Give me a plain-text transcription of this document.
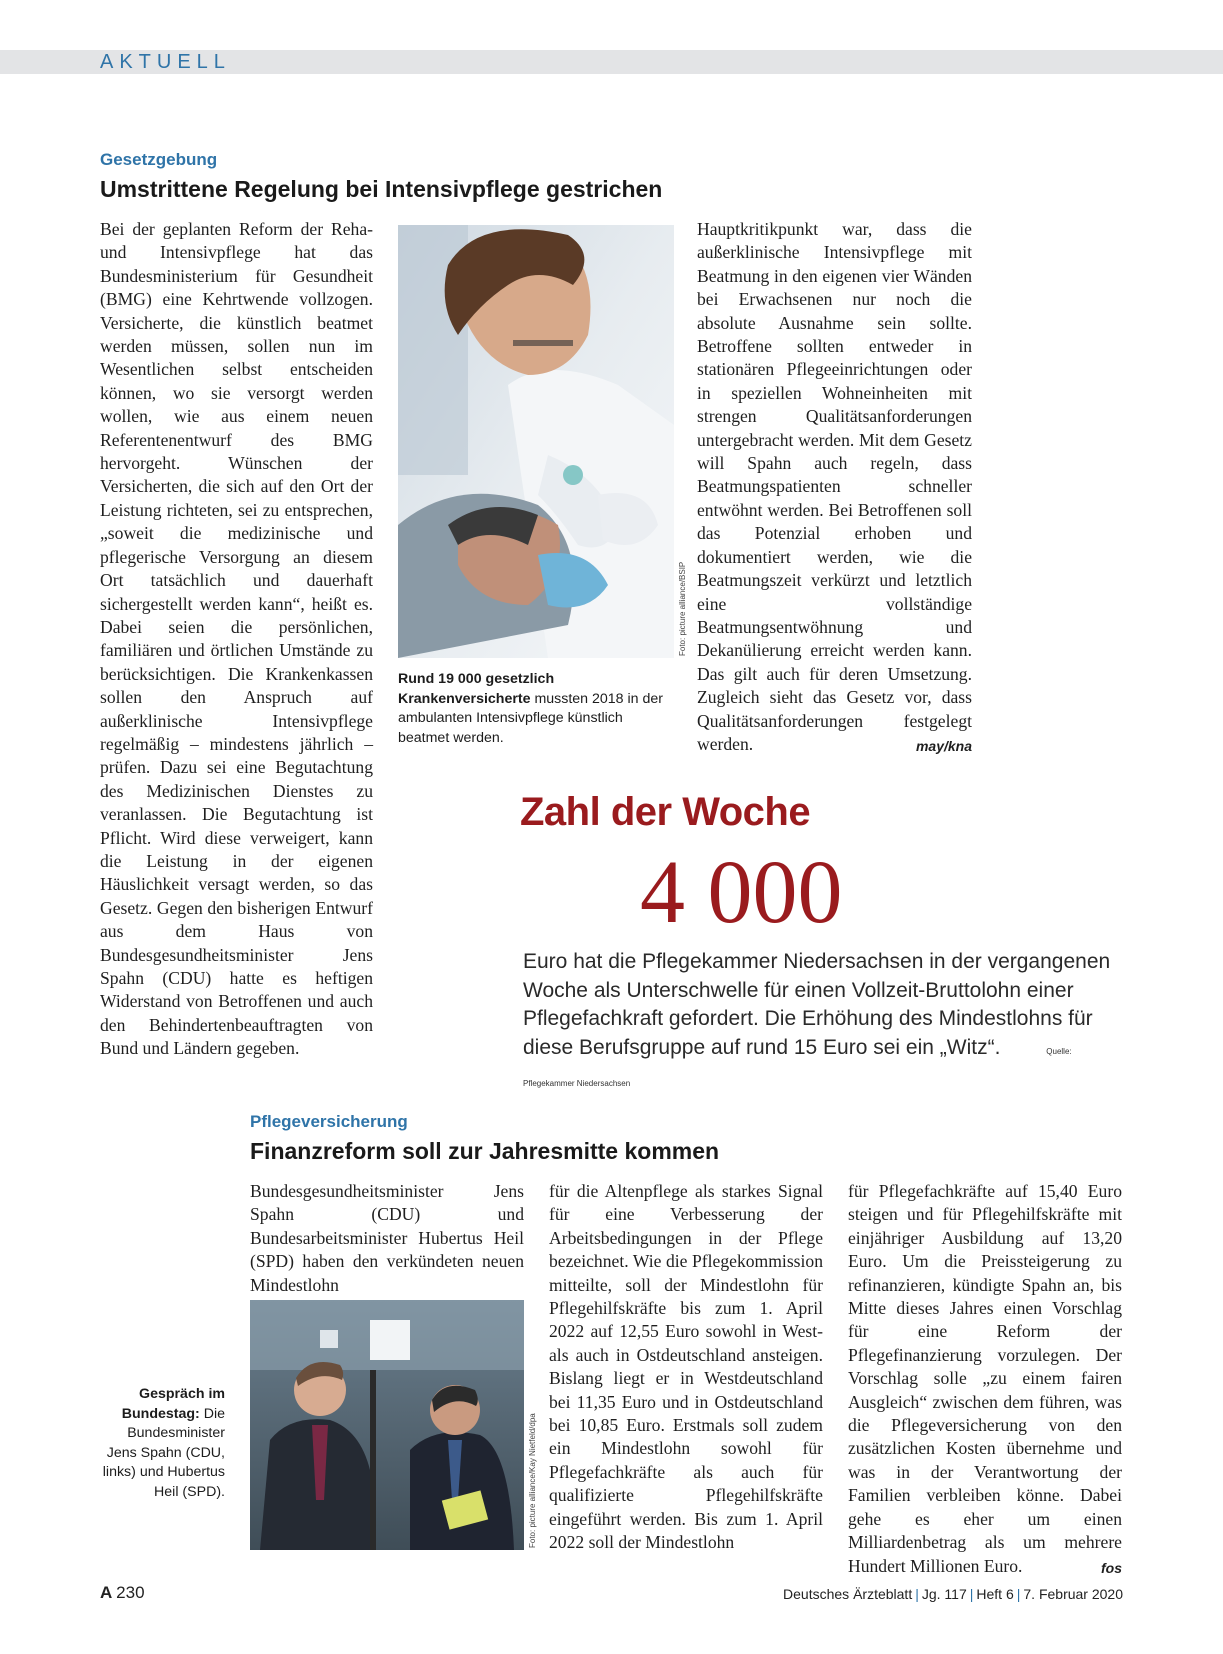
AKTUELL
Gesetzgebung
Umstrittene Regelung bei Intensivpflege gestrichen
Bei der geplanten Reform der Reha- und Intensivpflege hat das Bundesministerium für Gesundheit (BMG) eine Kehrtwende vollzogen. Versicherte, die künstlich beatmet werden müssen, sollen nun im Wesentlichen selbst entscheiden können, wo sie versorgt werden wollen, wie aus einem neuen Referentenentwurf des BMG hervorgeht. Wünschen der Versicherten, die sich auf den Ort der Leistung richteten, sei zu entsprechen, „soweit die medizinische und pflegerische Versorgung an diesem Ort tatsächlich und dauerhaft sichergestellt werden kann“, heißt es. Dabei seien die persönlichen, familiären und örtlichen Umstände zu berücksichtigen. Die Krankenkassen sollen den Anspruch auf außerklinische Intensivpflege regelmäßig – mindestens jährlich – prüfen. Dazu sei eine Begutachtung des Medizinischen Dienstes zu veranlassen. Die Begutachtung ist Pflicht. Wird diese verweigert, kann die Leistung in der eigenen Häuslichkeit versagt werden, so das Gesetz. Gegen den bisherigen Entwurf aus dem Haus von Bundesgesundheitsminister Jens Spahn (CDU) hatte es heftigen Widerstand von Betroffenen und auch den Behindertenbeauftragten von Bund und Ländern gegeben.
Foto: picture alliance/BSIP
Rund 19 000 gesetzlich Krankenversicherte mussten 2018 in der ambulanten Intensivpflege künstlich beatmet werden.
Hauptkritikpunkt war, dass die außerklinische Intensivpflege mit Beatmung in den eigenen vier Wänden bei Erwachsenen nur noch die absolute Ausnahme sein sollte. Betroffene sollten entweder in stationären Pflegeeinrichtungen oder in speziellen Wohneinheiten mit strengen Qualitätsanforderungen untergebracht werden. Mit dem Gesetz will Spahn auch regeln, dass Beatmungspatienten schneller entwöhnt werden. Bei Betroffenen soll das Potenzial erhoben und dokumentiert werden, wie die Beatmungszeit verkürzt und letztlich eine vollständige Beatmungsentwöhnung und Dekanülierung erreicht werden kann. Das gilt auch für deren Umsetzung. Zugleich sieht das Gesetz vor, dass Qualitätsanforderungen festgelegt werden.	may/kna
Zahl der Woche
4 000
Euro hat die Pflegekammer Niedersachsen in der vergangenen Woche als Unterschwelle für einen Vollzeit-Bruttolohn einer Pflegefachkraft gefordert. Die Erhöhung des Mindestlohns für diese Berufsgruppe auf rund 15 Euro sei ein „Witz“.	Quelle: Pflegekammer Niedersachsen
Pflegeversicherung
Finanzreform soll zur Jahresmitte kommen
Bundesgesundheitsminister Jens Spahn (CDU) und Bundesarbeitsminister Hubertus Heil (SPD) haben den verkündeten neuen Mindestlohn
Foto: picture alliance/Kay Nietfeld/dpa
Gespräch im Bundestag: Die Bundesminister Jens Spahn (CDU, links) und Hubertus Heil (SPD).
für die Altenpflege als starkes Signal für eine Verbesserung der Arbeitsbedingungen in der Pflege bezeichnet. Wie die Pflegekommission mitteilte, soll der Mindestlohn für Pflegehilfskräfte bis zum 1. April 2022 auf 12,55 Euro sowohl in West- als auch in Ostdeutschland ansteigen. Bislang liegt er in Westdeutschland bei 11,35 Euro und in Ostdeutschland bei 10,85 Euro. Erstmals soll zudem ein Mindestlohn sowohl für Pflegefachkräfte als auch für qualifizierte Pflegehilfskräfte eingeführt werden. Bis zum 1. April 2022 soll der Mindestlohn
für Pflegefachkräfte auf 15,40 Euro steigen und für Pflegehilfskräfte mit einjähriger Ausbildung auf 13,20 Euro. Um die Preissteigerung zu refinanzieren, kündigte Spahn an, bis Mitte dieses Jahres einen Vorschlag für eine Reform der Pflegefinanzierung vorzulegen. Der Vorschlag solle „zu einem fairen Ausgleich“ zwischen dem führen, was die Pflegeversicherung von den zusätzlichen Kosten übernehme und was in der Verantwortung der Familien verbleiben könne. Dabei gehe es eher um einen Milliardenbetrag als um mehrere Hundert Millionen Euro.	fos
A 230	Deutsches Ärzteblatt | Jg. 117 | Heft 6 | 7. Februar 2020
